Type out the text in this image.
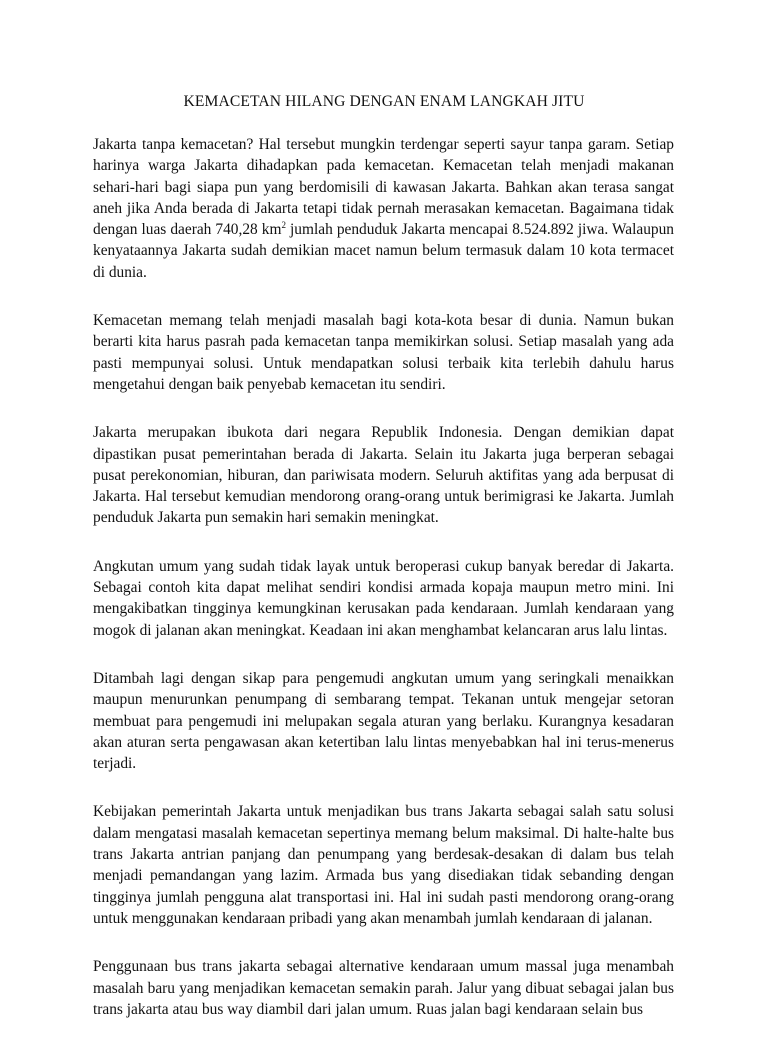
KEMACETAN HILANG DENGAN ENAM LANGKAH JITU

Jakarta tanpa kemacetan? Hal tersebut mungkin terdengar seperti sayur tanpa garam. Setiap harinya warga Jakarta dihadapkan pada kemacetan. Kemacetan telah menjadi makanan sehari-hari bagi siapa pun yang berdomisili di kawasan Jakarta. Bahkan akan terasa sangat aneh jika Anda berada di Jakarta tetapi tidak pernah merasakan kemacetan. Bagaimana tidak dengan luas daerah 740,28 $km^2$ jumlah penduduk Jakarta mencapai 8.524.892 jiwa. Walaupun kenyataannya Jakarta sudah demikian macet namun belum termasuk dalam 10 kota termacet di dunia.

Kemacetan memang telah menjadi masalah bagi kota-kota besar di dunia. Namun bukan berarti kita harus pasrah pada kemacetan tanpa memikirkan solusi. Setiap masalah yang ada pasti mempunyai solusi. Untuk mendapatkan solusi terbaik kita terlebih dahulu harus mengetahui dengan baik penyebab kemacetan itu sendiri.

Jakarta merupakan ibukota dari negara Republik Indonesia. Dengan demikian dapat dipastikan pusat pemerintahan berada di Jakarta. Selain itu Jakarta juga berperan sebagai pusat perekonomian, hiburan, dan pariwisata modern. Seluruh aktifitas yang ada berpusat di Jakarta. Hal tersebut kemudian mendorong orang-orang untuk berimigrasi ke Jakarta. Jumlah penduduk Jakarta pun semakin hari semakin meningkat.

Angkutan umum yang sudah tidak layak untuk beroperasi cukup banyak beredar di Jakarta. Sebagai contoh kita dapat melihat sendiri kondisi armada kopaja maupun metro mini. Ini mengakibatkan tingginya kemungkinan kerusakan pada kendaraan. Jumlah kendaraan yang mogok di jalanan akan meningkat. Keadaan ini akan menghambat kelancaran arus lalu lintas.

Ditambah lagi dengan sikap para pengemudi angkutan umum yang seringkali menaikkan maupun menurunkan penumpang di sembarang tempat. Tekanan untuk mengejar setoran membuat para pengemudi ini melupakan segala aturan yang berlaku. Kurangnya kesadaran akan aturan serta pengawasan akan ketertiban lalu lintas menyebabkan hal ini terus-menerus terjadi.

Kebijakan pemerintah Jakarta untuk menjadikan bus trans Jakarta sebagai salah satu solusi dalam mengatasi masalah kemacetan sepertinya memang belum maksimal. Di halte-halte bus trans Jakarta antrian panjang dan penumpang yang berdesak-desakan di dalam bus telah menjadi pemandangan yang lazim. Armada bus yang disediakan tidak sebanding dengan tingginya jumlah pengguna alat transportasi ini. Hal ini sudah pasti mendorong orang-orang untuk menggunakan kendaraan pribadi yang akan menambah jumlah kendaraan di jalanan.

Penggunaan bus trans jakarta sebagai alternative kendaraan umum massal juga menambah masalah baru yang menjadikan kemacetan semakin parah. Jalur yang dibuat sebagai jalan bus trans jakarta atau bus way diambil dari jalan umum. Ruas jalan bagi kendaraan selain bus
